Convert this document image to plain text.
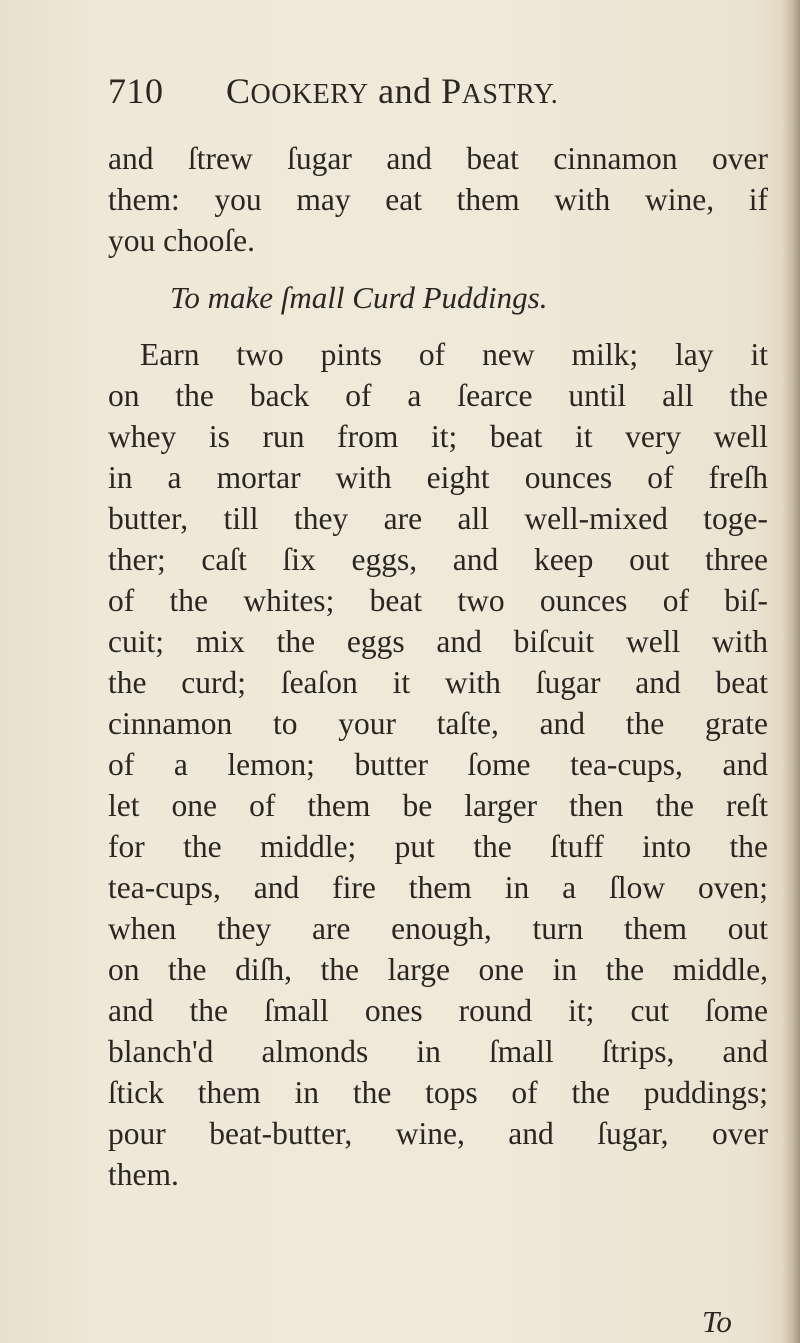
710 COOKERY and PASTRY.
and ſtrew ſugar and beat cinnamon over
them: you may eat them with wine, if
you chooſe.
To make ſmall Curd Puddings.
Earn two pints of new milk; lay it
on the back of a ſearce until all the
whey is run from it; beat it very well
in a mortar with eight ounces of freſh
butter, till they are all well-mixed toge-
ther; caſt ſix eggs, and keep out three
of the whites; beat two ounces of biſ-
cuit; mix the eggs and biſcuit well with
the curd; ſeaſon it with ſugar and beat
cinnamon to your taſte, and the grate
of a lemon; butter ſome tea-cups, and
let one of them be larger then the reſt
for the middle; put the ſtuff into the
tea-cups, and fire them in a ſlow oven;
when they are enough, turn them out
on the diſh, the large one in the middle,
and the ſmall ones round it; cut ſome
blanch'd almonds in ſmall ſtrips, and
ſtick them in the tops of the puddings;
pour beat-butter, wine, and ſugar, over
them.
To
